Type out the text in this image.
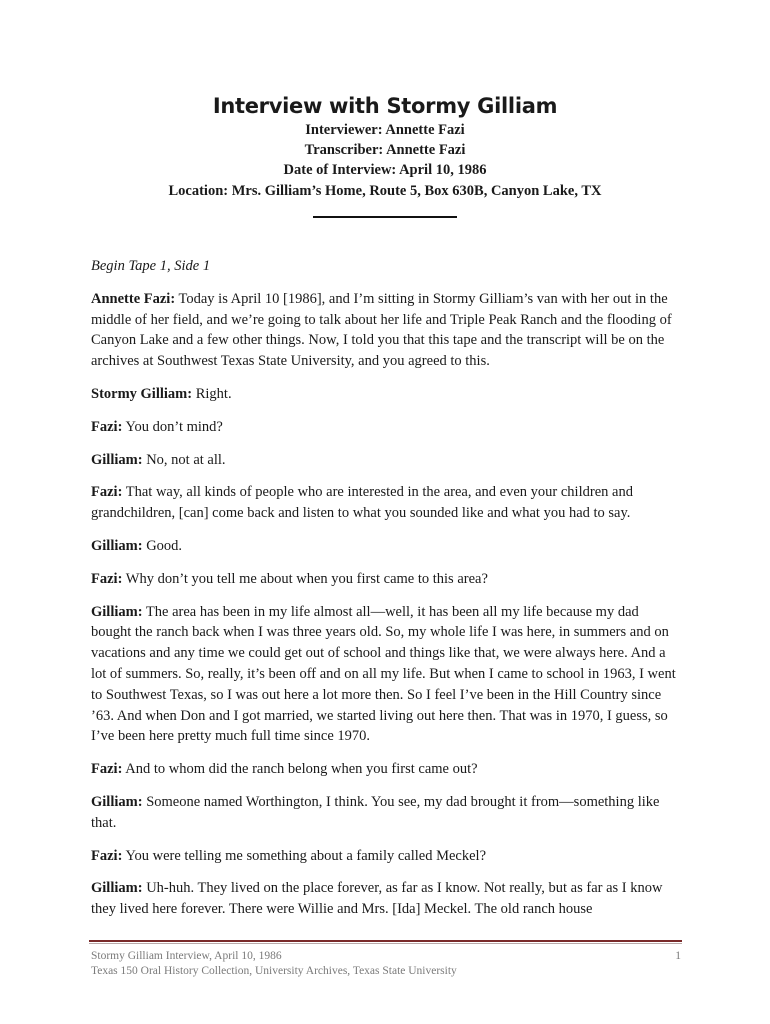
Interview with Stormy Gilliam
Interviewer: Annette Fazi
Transcriber: Annette Fazi
Date of Interview: April 10, 1986
Location: Mrs. Gilliam’s Home, Route 5, Box 630B, Canyon Lake, TX

Begin Tape 1, Side 1

Annette Fazi: Today is April 10 [1986], and I’m sitting in Stormy Gilliam’s van with her out in the middle of her field, and we’re going to talk about her life and Triple Peak Ranch and the flooding of Canyon Lake and a few other things. Now, I told you that this tape and the transcript will be on the archives at Southwest Texas State University, and you agreed to this.

Stormy Gilliam: Right.

Fazi: You don’t mind?

Gilliam: No, not at all.

Fazi: That way, all kinds of people who are interested in the area, and even your children and grandchildren, [can] come back and listen to what you sounded like and what you had to say.

Gilliam: Good.

Fazi: Why don’t you tell me about when you first came to this area?

Gilliam: The area has been in my life almost all—well, it has been all my life because my dad bought the ranch back when I was three years old. So, my whole life I was here, in summers and on vacations and any time we could get out of school and things like that, we were always here. And a lot of summers. So, really, it’s been off and on all my life. But when I came to school in 1963, I went to Southwest Texas, so I was out here a lot more then. So I feel I’ve been in the Hill Country since ’63. And when Don and I got married, we started living out here then. That was in 1970, I guess, so I’ve been here pretty much full time since 1970.

Fazi: And to whom did the ranch belong when you first came out?

Gilliam: Someone named Worthington, I think. You see, my dad brought it from—something like that.

Fazi: You were telling me something about a family called Meckel?

Gilliam: Uh-huh. They lived on the place forever, as far as I know. Not really, but as far as I know they lived here forever. There were Willie and Mrs. [Ida] Meckel. The old ranch house

Stormy Gilliam Interview, April 10, 1986
Texas 150 Oral History Collection, University Archives, Texas State University
1
